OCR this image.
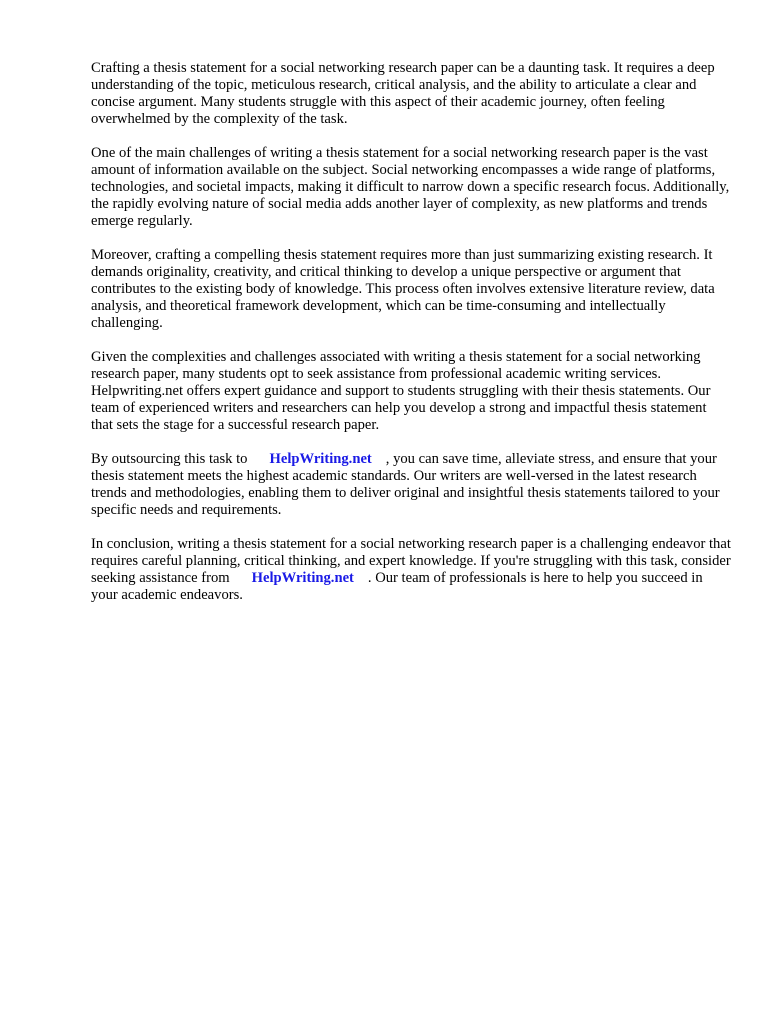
Crafting a thesis statement for a social networking research paper can be a daunting task. It requires a deep understanding of the topic, meticulous research, critical analysis, and the ability to articulate a clear and concise argument. Many students struggle with this aspect of their academic journey, often feeling overwhelmed by the complexity of the task.

One of the main challenges of writing a thesis statement for a social networking research paper is the vast amount of information available on the subject. Social networking encompasses a wide range of platforms, technologies, and societal impacts, making it difficult to narrow down a specific research focus. Additionally, the rapidly evolving nature of social media adds another layer of complexity, as new platforms and trends emerge regularly.

Moreover, crafting a compelling thesis statement requires more than just summarizing existing research. It demands originality, creativity, and critical thinking to develop a unique perspective or argument that contributes to the existing body of knowledge. This process often involves extensive literature review, data analysis, and theoretical framework development, which can be time-consuming and intellectually challenging.

Given the complexities and challenges associated with writing a thesis statement for a social networking research paper, many students opt to seek assistance from professional academic writing services. Helpwriting.net offers expert guidance and support to students struggling with their thesis statements. Our team of experienced writers and researchers can help you develop a strong and impactful thesis statement that sets the stage for a successful research paper.

By outsourcing this task to HelpWriting.net , you can save time, alleviate stress, and ensure that your thesis statement meets the highest academic standards. Our writers are well-versed in the latest research trends and methodologies, enabling them to deliver original and insightful thesis statements tailored to your specific needs and requirements.

In conclusion, writing a thesis statement for a social networking research paper is a challenging endeavor that requires careful planning, critical thinking, and expert knowledge. If you're struggling with this task, consider seeking assistance from HelpWriting.net . Our team of professionals is here to help you succeed in your academic endeavors.
